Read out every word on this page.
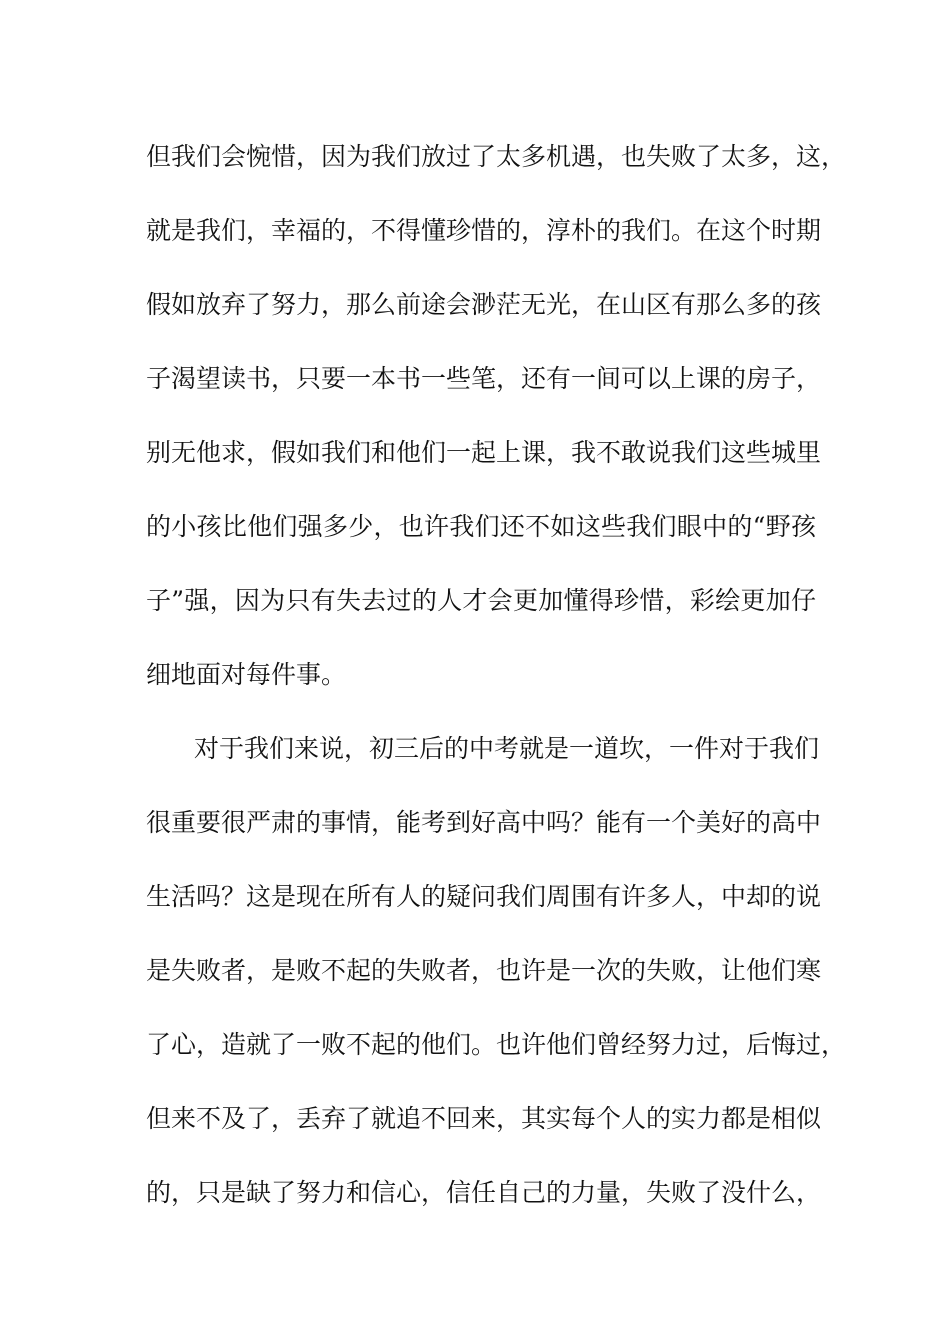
但我们会惋惜，因为我们放过了太多机遇，也失败了太多，这，
就是我们，幸福的，不得懂珍惜的，淳朴的我们。在这个时期
假如放弃了努力，那么前途会渺茫无光，在山区有那么多的孩
子渴望读书，只要一本书一些笔，还有一间可以上课的房子，
别无他求，假如我们和他们一起上课，我不敢说我们这些城里
的小孩比他们强多少，也许我们还不如这些我们眼中的“野孩
子”强，因为只有失去过的人才会更加懂得珍惜，彩绘更加仔
细地面对每件事。
对于我们来说，初三后的中考就是一道坎，一件对于我们
很重要很严肃的事情，能考到好高中吗？能有一个美好的高中
生活吗？这是现在所有人的疑问我们周围有许多人，中却的说
是失败者，是败不起的失败者，也许是一次的失败，让他们寒
了心，造就了一败不起的他们。也许他们曾经努力过，后悔过，
但来不及了，丢弃了就追不回来，其实每个人的实力都是相似
的，只是缺了努力和信心，信任自己的力量，失败了没什么，
